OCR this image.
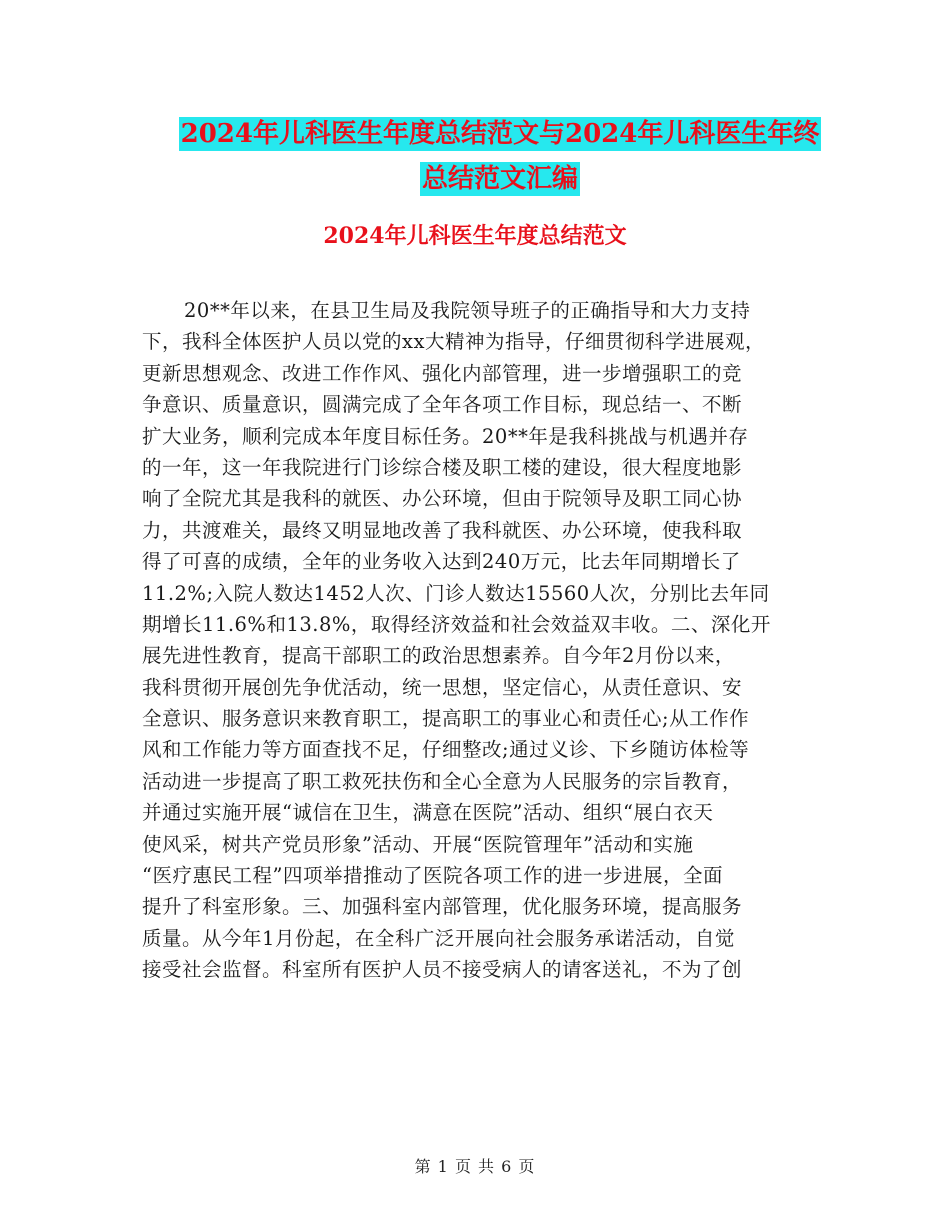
2024年儿科医生年度总结范文与2024年儿科医生年终
总结范文汇编
2024年儿科医生年度总结范文
20**年以来，在县卫生局及我院领导班子的正确指导和大力支持
下，我科全体医护人员以党的xx大精神为指导，仔细贯彻科学进展观，
更新思想观念、改进工作作风、强化内部管理，进一步增强职工的竞
争意识、质量意识，圆满完成了全年各项工作目标，现总结一、不断
扩大业务，顺利完成本年度目标任务。20**年是我科挑战与机遇并存
的一年，这一年我院进行门诊综合楼及职工楼的建设，很大程度地影
响了全院尤其是我科的就医、办公环境，但由于院领导及职工同心协
力，共渡难关，最终又明显地改善了我科就医、办公环境，使我科取
得了可喜的成绩，全年的业务收入达到240万元，比去年同期增长了
11.2%;入院人数达1452人次、门诊人数达15560人次，分别比去年同
期增长11.6%和13.8%，取得经济效益和社会效益双丰收。二、深化开
展先进性教育，提高干部职工的政治思想素养。自今年2月份以来，
我科贯彻开展创先争优活动，统一思想，坚定信心，从责任意识、安
全意识、服务意识来教育职工，提高职工的事业心和责任心;从工作作
风和工作能力等方面查找不足，仔细整改;通过义诊、下乡随访体检等
活动进一步提高了职工救死扶伤和全心全意为人民服务的宗旨教育，
并通过实施开展“诚信在卫生，满意在医院”活动、组织“展白衣天
使风采，树共产党员形象”活动、开展“医院管理年”活动和实施
“医疗惠民工程”四项举措推动了医院各项工作的进一步进展，全面
提升了科室形象。三、加强科室内部管理，优化服务环境，提高服务
质量。从今年1月份起，在全科广泛开展向社会服务承诺活动，自觉
接受社会监督。科室所有医护人员不接受病人的请客送礼，不为了创
第 1 页 共 6 页
